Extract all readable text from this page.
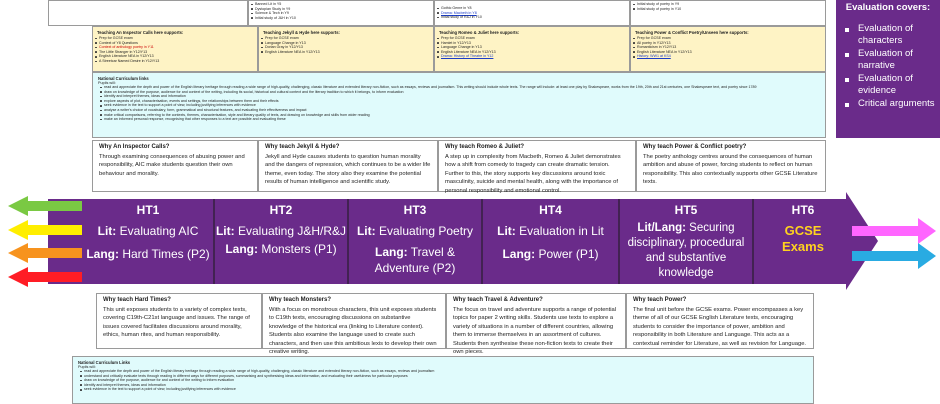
Banned Lit in Y5
Dystopian Study in Y9
Science & Tech in Y9
Initial study of J&H in Y10
Gothic Genre in Y8
Drama: Macbeth in Y8
Initial study of R&J in Y10
Initial study of poetry in Y9
Initial study of poetry in Y10
Teaching An Inspector Calls here supports:
Prep for GCSE exam
Context of Y8 Questions
Context of anthology poetry in Y11
The Little Stranger in Y12/Y13
English Literature NEA in Y12/Y13
A Streetcar Named Desire in Y12/Y13
Teaching Jekyll & Hyde here supports:
Prep for GCSE exam
Language Change in Y13
Dorian Gray in Y12/Y13
English Literature NEA in Y12/Y13
Teaching Romeo & Juliet here supports:
Prep for GCSE exam
Hamlet in Y12/Y13
Language Change in Y13
English Literature NEA in Y12/Y13
Drama: History of Theatre in Y12
Teaching Power & Conflict Poetry/Unseen here supports:
Prep for GCSE exam
All poetry in Y12/Y13
Romanticism in Y12/Y13
English Literature NEA in Y12/Y13
History: WW1 at KS4
National Curriculum links
Pupils will:
read and appreciate the depth and power of the English literary heritage through reading a wide range of high-quality, challenging, classic literature and extended literary non-fiction, such as essays, reviews and journalism. This writing should include whole texts. The range will include: at least one play by Shakespeare, works from the 19th, 20th and 21st centuries, one Shakespeare text, and poetry since 1789
draw on knowledge of the purpose, audience for and context of the writing, including its social, historical and cultural context and the literary tradition to which it belongs, to inform evaluation
identify and interpret themes, ideas and information
explore aspects of plot, characterisation, events and settings, the relationships between them and their effects
seek evidence in the text to support a point of view, including justifying inferences with evidence
analyse a writer's choice of vocabulary, form, grammatical and structural features, and evaluating their effectiveness and impact
make critical comparisons, referring to the contexts, themes, characterisation, style and literary quality of texts, and drawing on knowledge and skills from wider reading
make an informed personal response, recognising that other responses to a text are possible and evaluating these
Why An Inspector Calls?
Through examining consequences of abusing power and responsibility, AIC make students question their own behaviour and morality.
Why teach Jekyll & Hyde?
Jekyll and Hyde causes students to question human morality and the dangers of repression, which continues to be a wider life theme, even today. The story also they examine the potential results of human intelligence and scientific study.
Why teach Romeo & Juliet?
A step up in complexity from Macbeth, Romeo & Juliet demonstrates how a shift from comedy to tragedy can create dramatic tension. Further to this, the story supports key discussions around toxic masculinity, suicide and mental health, along with the importance of personal responsibility and emotional control.
Why teach Power & Conflict poetry?
The poetry anthology centres around the consequences of human ambition and abuse of power, forcing students to reflect on human responsibility. This also contextually supports other GCSE Literature texts.
Evaluation covers:
Evaluation of characters
Evaluation of narrative
Evaluation of evidence
Critical arguments
HT1
Lit: Evaluating AIC
Lang: Hard Times (P2)
HT2
Lit: Evaluating J&H/R&J
Lang: Monsters (P1)
HT3
Lit: Evaluating Poetry
Lang: Travel & Adventure (P2)
HT4
Lit: Evaluation in Lit
Lang: Power (P1)
HT5
Lit/Lang: Securing disciplinary, procedural and substantive knowledge
HT6
GCSE Exams
Why teach Hard Times?
This unit exposes students to a variety of complex texts, covering C19th-C21st language and issues. The range of issues covered facilitates discussions around morality, ethics, human rites, and human responsibility.
Why teach Monsters?
With a focus on monstrous characters, this unit exposes students to C19th texts, encouraging discussions on substantive knowledge of the historical era (linking to Literature context). Students also examine the language used to create such characters, and then use this ambitious lexis to develop their own creative writing.
Why teach Travel & Adventure?
The focus on travel and adventure supports a range of potential topics for paper 2 writing skills. Students use texts to explore a variety of situations in a number of different countries, allowing them to immerse themselves in an assortment of cultures. Students then synthesise these non-fiction texts to create their own pieces.
Why teach Power?
The final unit before the GCSE exams. Power encompasses a key theme of all of our GCSE English Literature texts, encouraging students to consider the importance of power, ambition and responsibility in both Literature and Language. This acts as a contextual reminder for Literature, as well as revision for Language.
National Curriculum Links
Pupils will:
read and appreciate the depth and power of the English literary heritage through reading a wide range of high-quality, challenging, classic literature and extended literary non-fiction, such as essays, reviews and journalism
understand and critically evaluate texts through reading in different ways for different purposes, summarising and synthesising ideas and information, and evaluating their usefulness for particular purposes
draw on knowledge of the purpose, audience for and context of the writing to inform evaluation
identify and interpret themes, ideas and information
seek evidence in the text to support a point of view, including justifying inferences with evidence
